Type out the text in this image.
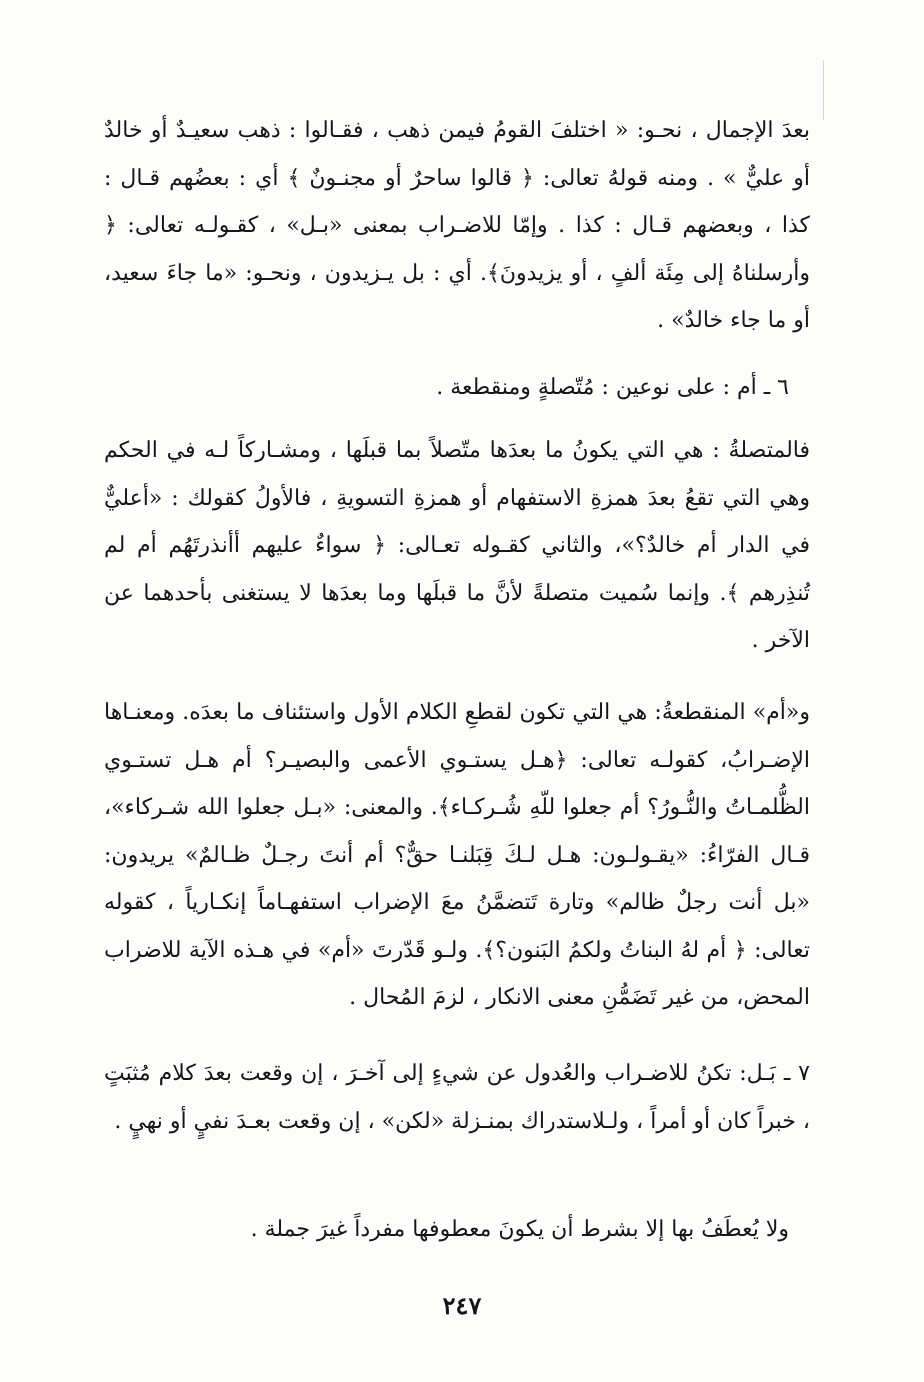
بعدَ الإجمال ، نحـو: « اختلفَ القومُ فيمن ذهب ، فقـالوا : ذهب سعيـدٌ أو خالدٌ أو عليٌّ » . ومنه قولهُ تعالى: ﴿ قالوا ساحرٌ أو مجنـونٌ ﴾ أي : بعضُهم قـال : كذا ، وبعضهم قـال : كذا . وإمّا للاضـراب بمعنى «بـل» ، كقـولـه تعالى: ﴿ وأرسلناهُ إلى مِئَة ألفٍ ، أو يزيدونَ﴾. أي : بل يـزيدون ، ونحـو: «ما جاءَ سعيد، أو ما جاء خالدٌ» .

٦ ـ أم : على نوعين : مُتّصلةٍ ومنقطعة .

فالمتصلةُ : هي التي يكونُ ما بعدَها متّصلاً بما قبلَها ، ومشـاركاً لـه في الحكم وهي التي تقعُ بعدَ همزةِ الاستفهام أو همزةِ التسويةِ ، فالأولُ كقولك : «أعليٌّ في الدار أم خالدٌ؟»، والثاني كقـوله تعـالى: ﴿ سواءٌ عليهم أأنذرتَهُم أم لم تُنذِرهم ﴾. وإنما سُميت متصلةً لأنَّ ما قبلَها وما بعدَها لا يستغنى بأحدهما عن الآخر .

و«أم» المنقطعةُ: هي التي تكون لقطعِ الكلام الأول واستئناف ما بعدَه. ومعنـاها الإضـرابُ، كقولـه تعالى: ﴿هـل يستـوي الأعمى والبصيـر؟ أم هـل تستـوي الظُّلمـاتُ والنُّـورُ؟ أم جعلوا للّهِ شُـركـاء﴾. والمعنى: «بـل جعلوا الله شـركاء»، قـال الفرّاءُ: «يقـولـون: هـل لـكَ قِبَلنـا حقٌّ؟ أم أنتَ رجـلٌ ظـالمٌ» يريدون: «بل أنت رجلٌ ظالم» وتارة تَتضمَّنُ معَ الإضراب استفهـاماً إنكـارياً ، كقوله تعالى: ﴿ أم لهُ البناتُ ولكمُ البَنون؟﴾. ولـو قَدّرتَ «أم» في هـذه الآية للاضراب المحض، من غير تَضَمُّنِ معنى الانكار ، لزمَ المُحال .

٧ ـ بَـل: تكنُ للاضـراب والعُدول عن شيءٍ إلى آخـرَ ، إن وقعت بعدَ كلام مُثبَتٍ ، خبراً كان أو أمراً ، ولـلاستدراك بمنـزلة «لكن» ، إن وقعت بعـدَ نفيٍ أو نهيٍ .

ولا يُعطَفُ بها إلا بشرط أن يكونَ معطوفها مفرداً غيرَ جملة .

٢٤٧
